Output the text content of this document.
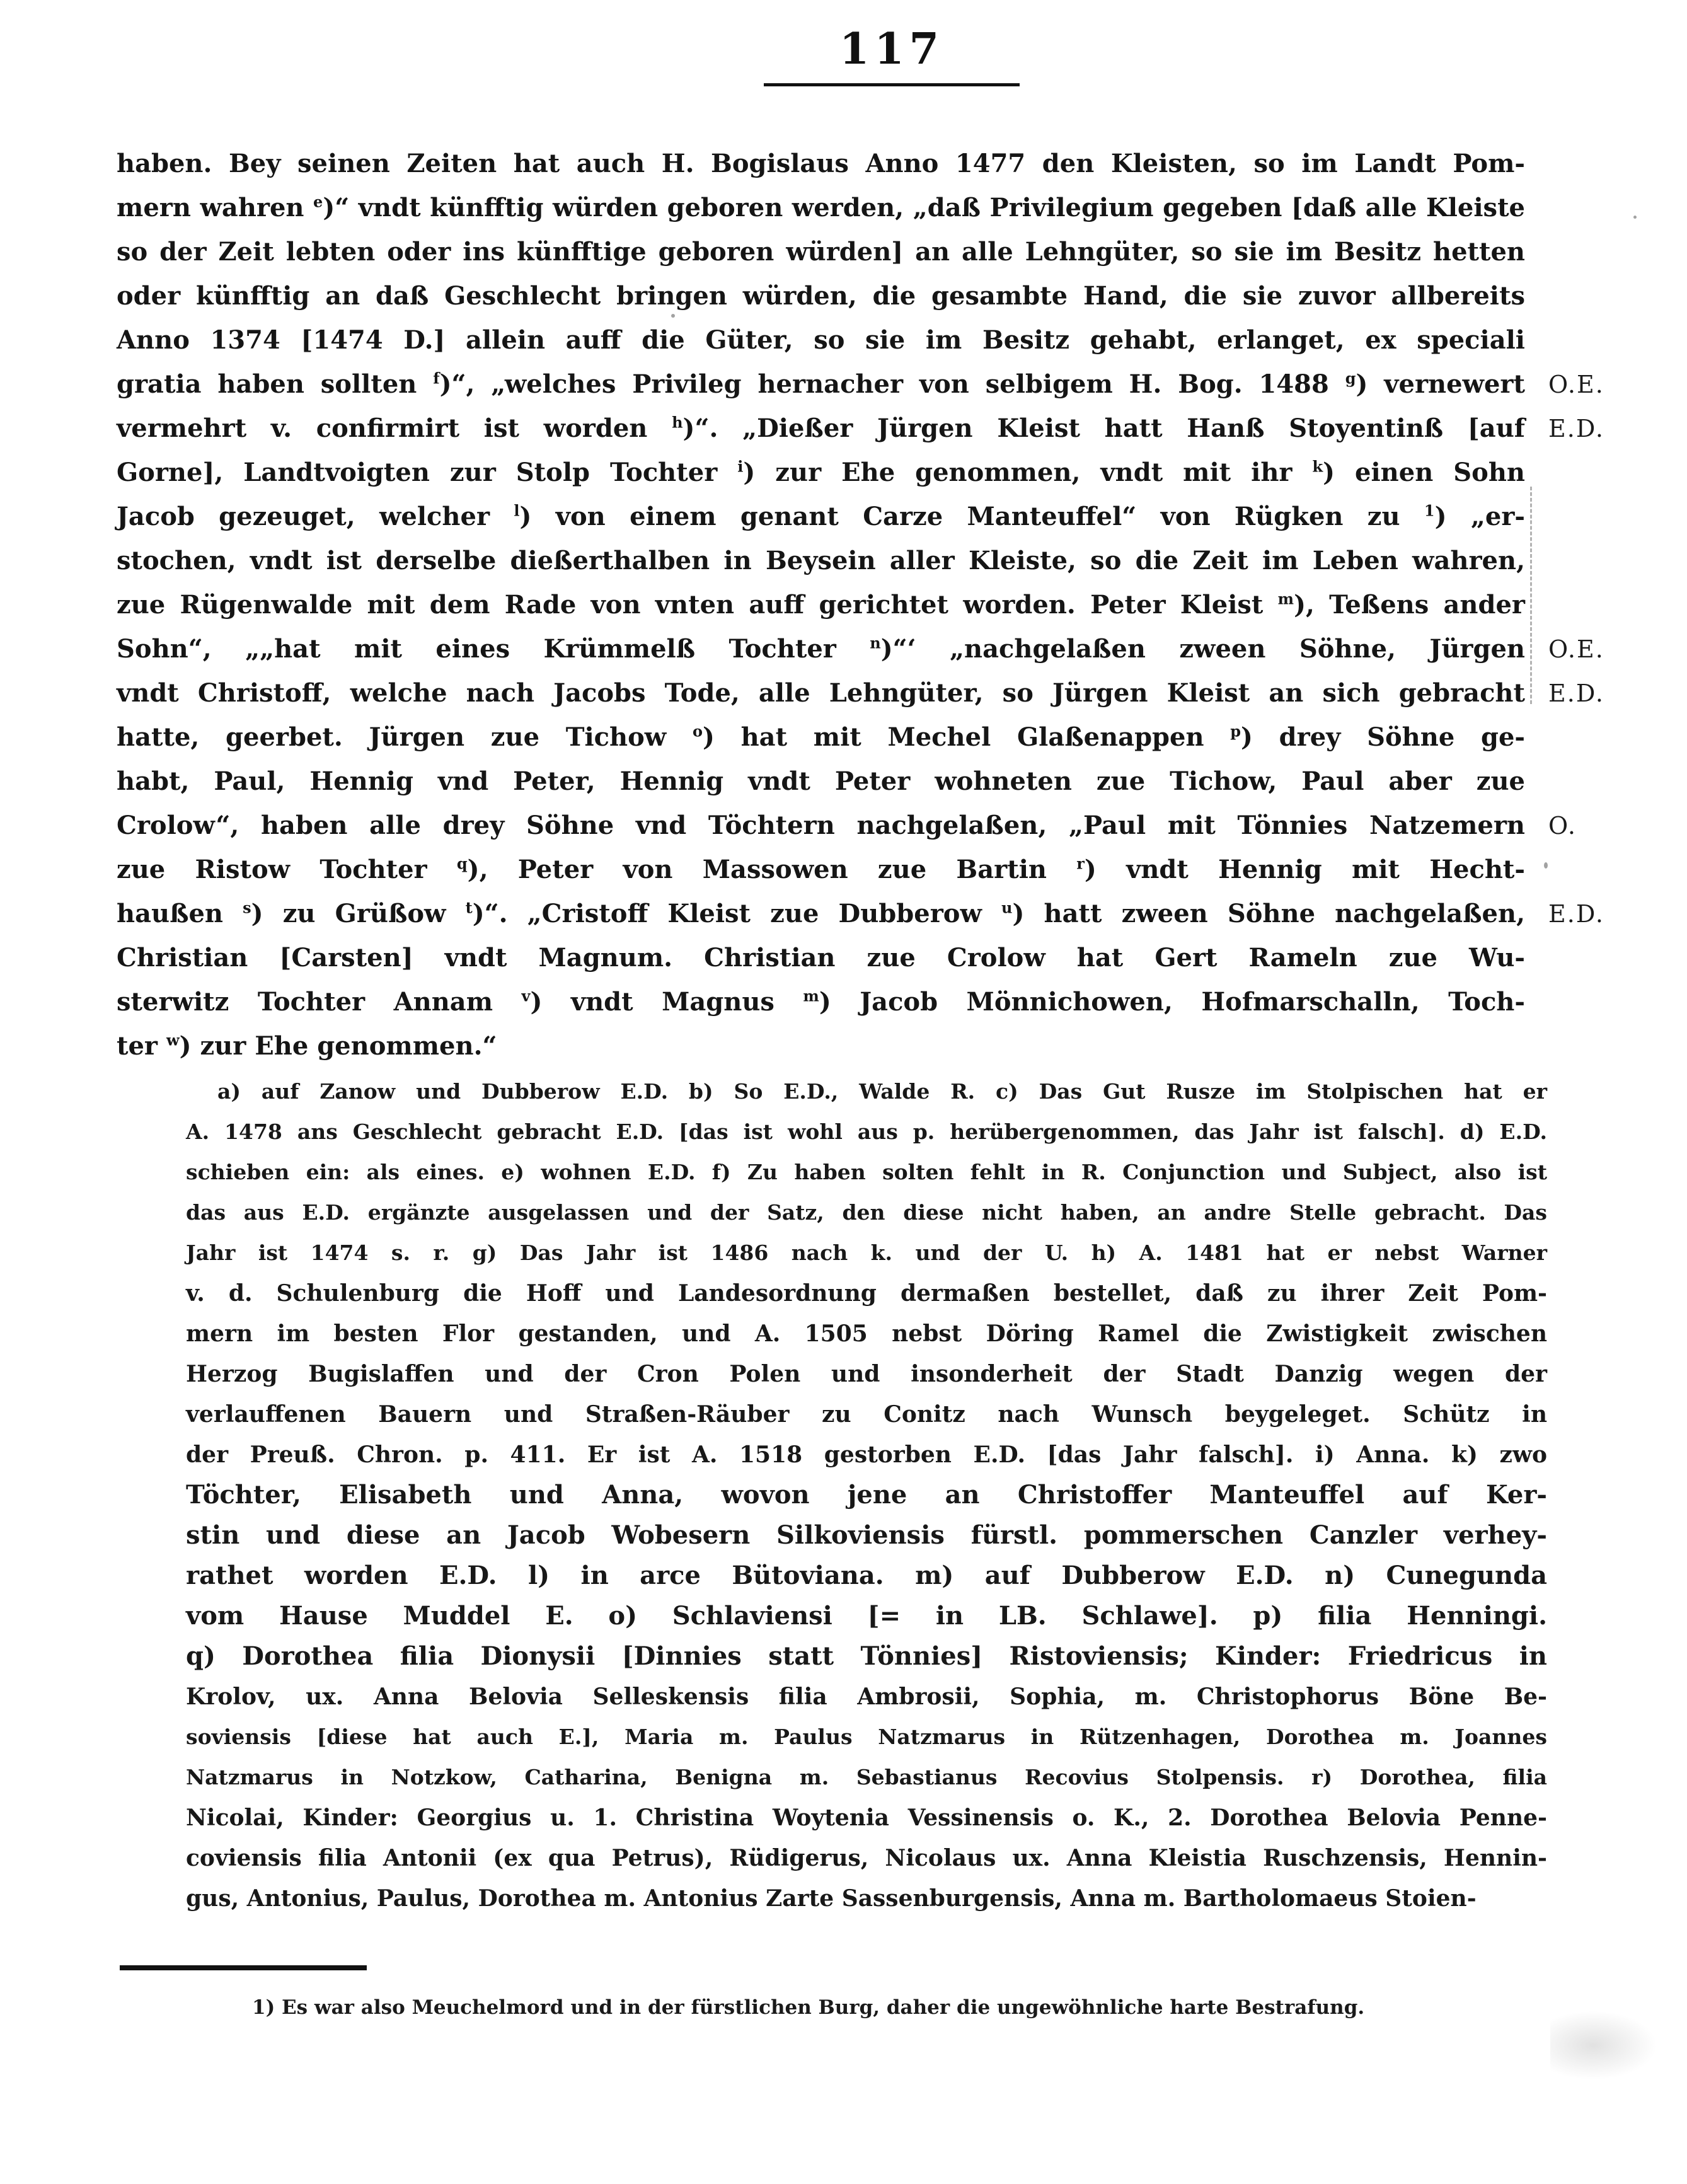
117
haben. Bey seinen Zeiten hat auch H. Bogislaus Anno 1477 den Kleisten, so im Landt Pom-
mern wahren $^e$)“ vndt künfftig würden geboren werden, „daß Privilegium gegeben [daß alle Kleiste
so der Zeit lebten oder ins künfftige geboren würden] an alle Lehngüter, so sie im Besitz hetten
oder künfftig an daß Geschlecht bringen würden, die gesambte Hand, die sie zuvor allbereits
Anno 1374 [1474 D.] allein auff die Güter, so sie im Besitz gehabt, erlanget, ex speciali
gratia haben sollten $^f$)“, „welches Privileg hernacher von selbigem H. Bog. 1488 $^g$) vernewert
vermehrt v. confirmirt ist worden $^h$)“. „Dießer Jürgen Kleist hatt Hanß Stoyentinß [auf
Gorne], Landtvoigten zur Stolp Tochter $^i$) zur Ehe genommen, vndt mit ihr $^k$) einen Sohn
Jacob gezeuget, welcher $^l$) von einem genant Carze Manteuffel“ von Rügken zu $^1$) „er-
stochen, vndt ist derselbe dießerthalben in Beysein aller Kleiste, so die Zeit im Leben wahren,
zue Rügenwalde mit dem Rade von vnten auff gerichtet worden. Peter Kleist $^m$), Teßens ander
Sohn“, „„hat mit eines Krümmelß Tochter $^n$)“‘ „nachgelaßen zween Söhne, Jürgen
vndt Christoff, welche nach Jacobs Tode, alle Lehngüter, so Jürgen Kleist an sich gebracht
hatte, geerbet. Jürgen zue Tichow $^o$) hat mit Mechel Glaßenappen $^p$) drey Söhne ge-
habt, Paul, Hennig vnd Peter, Hennig vndt Peter wohneten zue Tichow, Paul aber zue
Crolow“, haben alle drey Söhne vnd Töchtern nachgelaßen, „Paul mit Tönnies Natzemern
zue Ristow Tochter $^q$), Peter von Massowen zue Bartin $^r$) vndt Hennig mit Hecht-
haußen $^s$) zu Grüßow $^t$)“. „Cristoff Kleist zue Dubberow $^u$) hatt zween Söhne nachgelaßen,
Christian [Carsten] vndt Magnum. Christian zue Crolow hat Gert Rameln zue Wu-
sterwitz Tochter Annam $^v$) vndt Magnus $^m$) Jacob Mönnichowen, Hofmarschalln, Toch-
ter $^w$) zur Ehe genommen.“
O.E.
E.D.
O.E.
E.D.
O.
E.D.
a) auf Zanow und Dubberow E.D. b) So E.D., Walde R. c) Das Gut Rusze im Stolpischen hat er
A. 1478 ans Geschlecht gebracht E.D. [das ist wohl aus p. herübergenommen, das Jahr ist falsch]. d) E.D.
schieben ein: als eines. e) wohnen E.D. f) Zu haben solten fehlt in R. Conjunction und Subject, also ist
das aus E.D. ergänzte ausgelassen und der Satz, den diese nicht haben, an andre Stelle gebracht. Das
Jahr ist 1474 s. r. g) Das Jahr ist 1486 nach k. und der U. h) A. 1481 hat er nebst Warner
v. d. Schulenburg die Hoff und Landesordnung dermaßen bestellet, daß zu ihrer Zeit Pom-
mern im besten Flor gestanden, und A. 1505 nebst Döring Ramel die Zwistigkeit zwischen
Herzog Bugislaffen und der Cron Polen und insonderheit der Stadt Danzig wegen der
verlauffenen Bauern und Straßen-Räuber zu Conitz nach Wunsch beygeleget. Schütz in
der Preuß. Chron. p. 411. Er ist A. 1518 gestorben E.D. [das Jahr falsch]. i) Anna. k) zwo
Töchter, Elisabeth und Anna, wovon jene an Christoffer Manteuffel auf Ker-
stin und diese an Jacob Wobesern Silkoviensis fürstl. pommerschen Canzler verhey-
rathet worden E.D. l) in arce Bütoviana. m) auf Dubberow E.D. n) Cunegunda
vom Hause Muddel E. o) Schlaviensi [= in LB. Schlawe]. p) filia Henningi.
q) Dorothea filia Dionysii [Dinnies statt Tönnies] Ristoviensis; Kinder: Friedricus in
Krolov, ux. Anna Belovia Selleskensis filia Ambrosii, Sophia, m. Christophorus Böne Be-
soviensis [diese hat auch E.], Maria m. Paulus Natzmarus in Rützenhagen, Dorothea m. Joannes
Natzmarus in Notzkow, Catharina, Benigna m. Sebastianus Recovius Stolpensis. r) Dorothea, filia
Nicolai, Kinder: Georgius u. 1. Christina Woytenia Vessinensis o. K., 2. Dorothea Belovia Penne-
coviensis filia Antonii (ex qua Petrus), Rüdigerus, Nicolaus ux. Anna Kleistia Ruschzensis, Hennin-
gus, Antonius, Paulus, Dorothea m. Antonius Zarte Sassenburgensis, Anna m. Bartholomaeus Stoien-
1) Es war also Meuchelmord und in der fürstlichen Burg, daher die ungewöhnliche harte Bestrafung.
